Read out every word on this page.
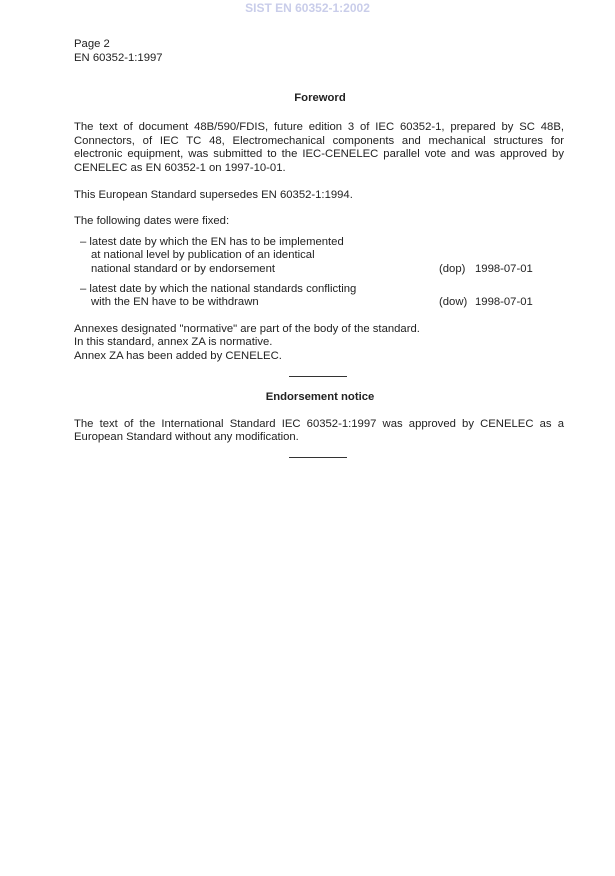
SIST EN 60352-1:2002
Page 2
EN 60352-1:1997
Foreword
The text of document 48B/590/FDIS, future edition 3 of IEC 60352-1, prepared by SC 48B,
Connectors, of IEC TC 48, Electromechanical components and mechanical structures for
electronic equipment, was submitted to the IEC-CENELEC parallel vote and was approved by
CENELEC as EN 60352-1 on 1997-10-01.
This European Standard supersedes EN 60352-1:1994.
The following dates were fixed:
– latest date by which the EN has to be implemented
at national level by publication of an identical
national standard or by endorsement	(dop) 1998-07-01
– latest date by which the national standards conflicting
with the EN have to be withdrawn	(dow) 1998-07-01
Annexes designated "normative" are part of the body of the standard.
In this standard, annex ZA is normative.
Annex ZA has been added by CENELEC.
Endorsement notice
The text of the International Standard IEC 60352-1:1997 was approved by CENELEC as a
European Standard without any modification.
